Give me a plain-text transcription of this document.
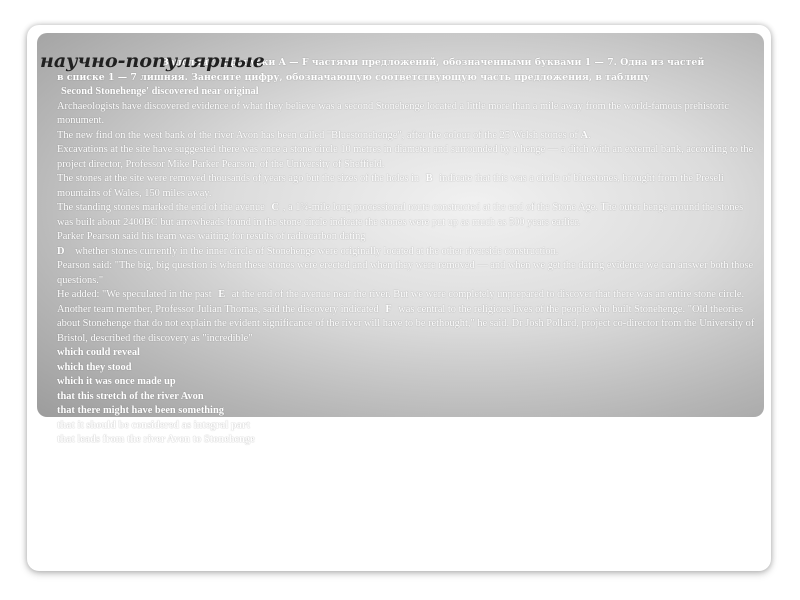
Заполните пропуски A — F частями предложений, обозначенными буквами 1 — 7. Одна из частей

в списке 1 — 7 лишняя. Занесите цифру, обозначающую соответствующую часть предложения, в таблицу

Second Stonehenge' discovered near original

Archaeologists have discovered evidence of what they believe was a second Stonehenge located a little more than a mile away from the world-famous prehistoric monument.

The new find on the west bank of the river Avon has been called "Bluestonehenge", after the colour of the 25 Welsh stones of A.

Excavations at the site have suggested there was once a stone circle 10 metres in diameter and surrounded by a henge — a ditch with an external bank, according to the project director, Professor Mike Parker Pearson, of the University of Sheffield.

The stones at the site were removed thousands of years ago but the sizes of the holes in B indicate that this was a circle of bluestones, brought from the Preseli mountains of Wales, 150 miles away.

The standing stones marked the end of the avenue C , a 1¾-mile long processional route constructed at the end of the Stone Age. The outer henge around the stones was built about 2400BC but arrowheads found in the stone circle indicate the stones were put up as much as 500 years earlier.

Parker Pearson said his team was waiting for results of radiocarbon dating

D whether stones currently in the inner circle of Stonehenge were originally located at the other riverside construction.

Pearson said: "The big, big question is when these stones were erected and when they were removed — and when we get the dating evidence we can answer both those questions."

He added: "We speculated in the past E at the end of the avenue near the river. But we were completely unprepared to discover that there was an entire stone circle. Another team member, Professor Julian Thomas, said the discovery indicated F was central to the religious lives of the people who built Stonehenge. "Old theories about Stonehenge that do not explain the evident significance of the river will have to be rethought," he said. Dr Josh Pollard, project co-director from the University of Bristol, described the discovery as "incredible"

which could reveal
which they stood
which it was once made up
that this stretch of the river Avon
that there might have been something
that it should be considered as integral part
that leads from the river Avon to Stonehenge
научно-популярные
